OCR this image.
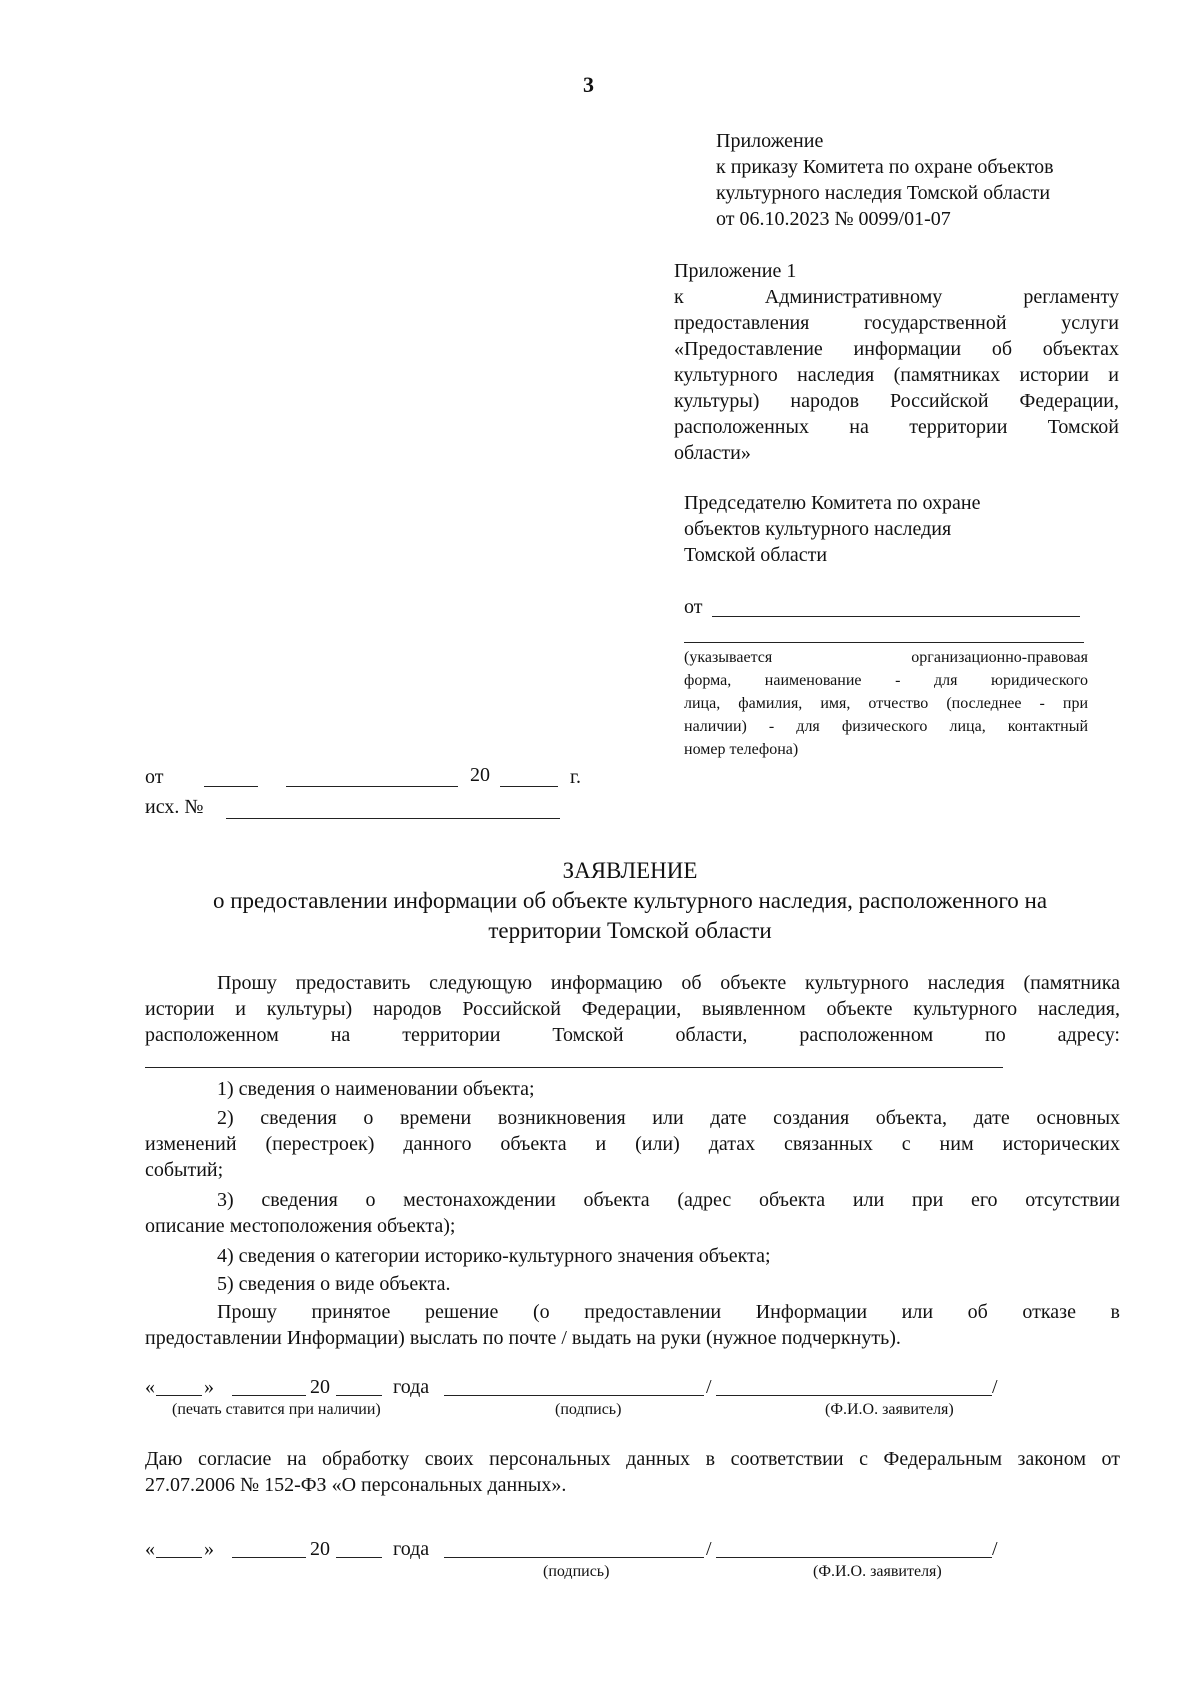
3
Приложение
к приказу Комитета по охране объектов
культурного наследия Томской области
от 06.10.2023 № 0099/01-07
Приложение 1
к Административному регламенту
предоставления государственной услуги
«Предоставление информации об объектах
культурного наследия (памятниках истории и
культуры) народов Российской Федерации,
расположенных на территории Томской
области»
Председателю Комитета по охране
объектов культурного наследия
Томской области
от
(указывается организационно-правовая
форма, наименование - для юридического
лица, фамилия, имя, отчество (последнее - при
наличии) - для физического лица, контактный
номер телефона)
от	20	г.
исх. №
ЗАЯВЛЕНИЕ
о предоставлении информации об объекте культурного наследия, расположенного на
территории Томской области
Прошу предоставить следующую информацию об объекте культурного наследия (памятника
истории и культуры) народов Российской Федерации, выявленном объекте культурного наследия,
расположенном на территории Томской области, расположенном по адресу:
1) сведения о наименовании объекта;
2) сведения о времени возникновения или дате создания объекта, дате основных
изменений (перестроек) данного объекта и (или) датах связанных с ним исторических
событий;
3) сведения о местонахождении объекта (адрес объекта или при его отсутствии
описание местоположения объекта);
4) сведения о категории историко-культурного значения объекта;
5) сведения о виде объекта.
Прошу принятое решение (о предоставлении Информации или об отказе в
предоставлении Информации) выслать по почте / выдать на руки (нужное подчеркнуть).
« »	20	года	/	/
(печать ставится при наличии)	(подпись)	(Ф.И.О. заявителя)
Даю согласие на обработку своих персональных данных в соответствии с Федеральным законом от
27.07.2006 № 152-ФЗ «О персональных данных».
« »	20	года	/	/
(подпись)	(Ф.И.О. заявителя)
